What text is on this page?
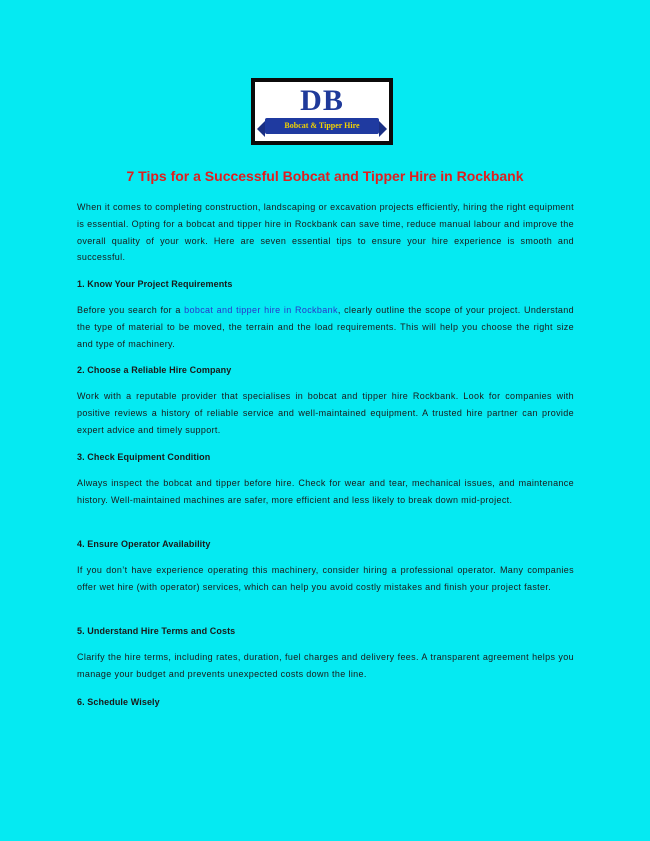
DB
Bobcat & Tipper Hire
7 Tips for a Successful Bobcat and Tipper Hire in Rockbank

When it comes to completing construction, landscaping or excavation projects efficiently, hiring the right equipment is essential. Opting for a bobcat and tipper hire in Rockbank can save time, reduce manual labour and improve the overall quality of your work. Here are seven essential tips to ensure your hire experience is smooth and successful.

1. Know Your Project Requirements

Before you search for a bobcat and tipper hire in Rockbank, clearly outline the scope of your project. Understand the type of material to be moved, the terrain and the load requirements. This will help you choose the right size and type of machinery.

2. Choose a Reliable Hire Company

Work with a reputable provider that specialises in bobcat and tipper hire Rockbank. Look for companies with positive reviews a history of reliable service and well-maintained equipment. A trusted hire partner can provide expert advice and timely support.

3. Check Equipment Condition

Always inspect the bobcat and tipper before hire. Check for wear and tear, mechanical issues, and maintenance history. Well-maintained machines are safer, more efficient and less likely to break down mid-project.

4. Ensure Operator Availability

If you don’t have experience operating this machinery, consider hiring a professional operator. Many companies offer wet hire (with operator) services, which can help you avoid costly mistakes and finish your project faster.

5. Understand Hire Terms and Costs

Clarify the hire terms, including rates, duration, fuel charges and delivery fees. A transparent agreement helps you manage your budget and prevents unexpected costs down the line.

6. Schedule Wisely
